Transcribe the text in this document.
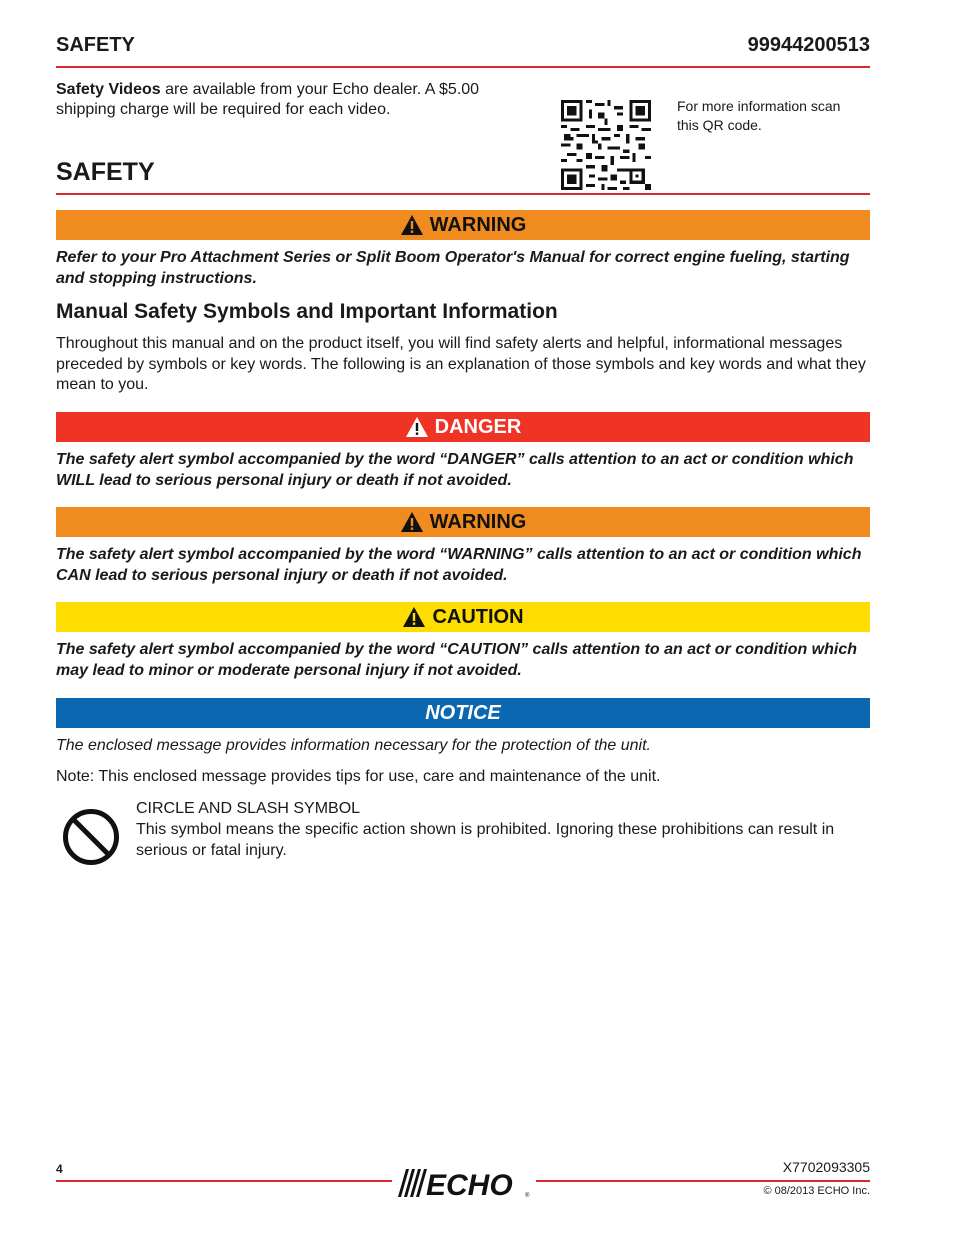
SAFETY	99944200513
Safety Videos are available from your Echo dealer. A $5.00 shipping charge will be required for each video.	For more information scan this QR code.
SAFETY
WARNING
Refer to your Pro Attachment Series or Split Boom Operator's Manual for correct engine fueling, starting and stopping instructions.
Manual Safety Symbols and Important Information
Throughout this manual and on the product itself, you will find safety alerts and helpful, informational messages preceded by symbols or key words. The following is an explanation of those symbols and key words and what they mean to you.
DANGER
The safety alert symbol accompanied by the word “DANGER” calls attention to an act or condition which WILL lead to serious personal injury or death if not avoided.
WARNING
The safety alert symbol accompanied by the word “WARNING” calls attention to an act or condition which CAN lead to serious personal injury or death if not avoided.
CAUTION
The safety alert symbol accompanied by the word “CAUTION” calls attention to an act or condition which may lead to minor or moderate personal injury if not avoided.
NOTICE
The enclosed message provides information necessary for the protection of the unit.
Note: This enclosed message provides tips for use, care and maintenance of the unit.
CIRCLE AND SLASH SYMBOL
This symbol means the specific action shown is prohibited. Ignoring these prohibitions can result in serious or fatal injury.
4	ECHO ®
X7702093305
© 08/2013 ECHO Inc.
